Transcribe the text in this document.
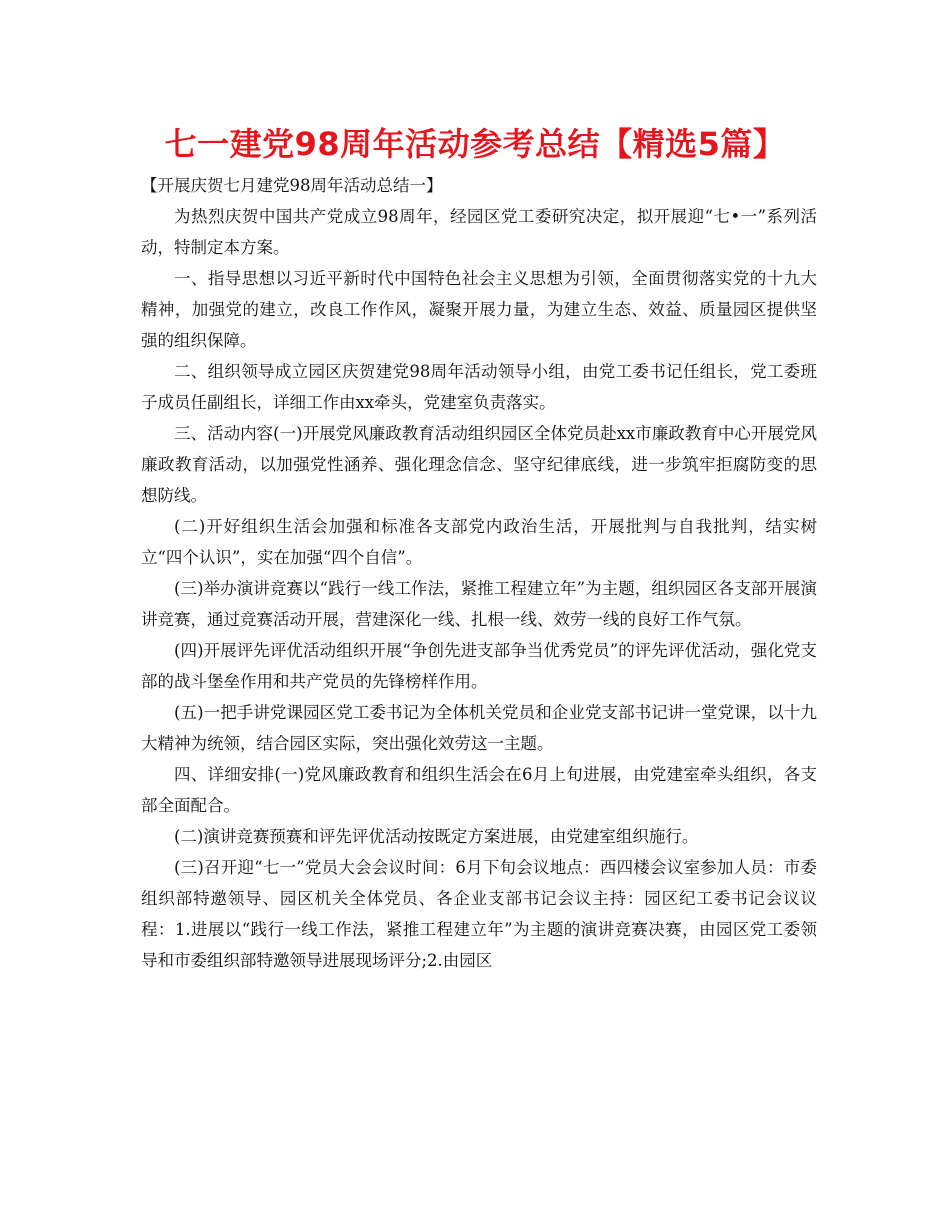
七一建党98周年活动参考总结【精选5篇】

【开展庆贺七月建党98周年活动总结一】

为热烈庆贺中国共产党成立98周年，经园区党工委研究决定，拟开展迎“七•一”系列活动，特制定本方案。

一、指导思想以习近平新时代中国特色社会主义思想为引领，全面贯彻落实党的十九大精神，加强党的建立，改良工作作风，凝聚开展力量，为建立生态、效益、质量园区提供坚强的组织保障。

二、组织领导成立园区庆贺建党98周年活动领导小组，由党工委书记任组长，党工委班子成员任副组长，详细工作由xx牵头，党建室负责落实。

三、活动内容(一)开展党风廉政教育活动组织园区全体党员赴xx市廉政教育中心开展党风廉政教育活动，以加强党性涵养、强化理念信念、坚守纪律底线，进一步筑牢拒腐防变的思想防线。

(二)开好组织生活会加强和标准各支部党内政治生活，开展批判与自我批判，结实树立“四个认识”，实在加强“四个自信”。

(三)举办演讲竞赛以“践行一线工作法，紧推工程建立年”为主题，组织园区各支部开展演讲竞赛，通过竞赛活动开展，营建深化一线、扎根一线、效劳一线的良好工作气氛。

(四)开展评先评优活动组织开展“争创先进支部争当优秀党员”的评先评优活动，强化党支部的战斗堡垒作用和共产党员的先锋榜样作用。

(五)一把手讲党课园区党工委书记为全体机关党员和企业党支部书记讲一堂党课，以十九大精神为统领，结合园区实际，突出强化效劳这一主题。

四、详细安排(一)党风廉政教育和组织生活会在6月上旬进展，由党建室牵头组织，各支部全面配合。

(二)演讲竞赛预赛和评先评优活动按既定方案进展，由党建室组织施行。

(三)召开迎“七一”党员大会会议时间：6月下旬会议地点：西四楼会议室参加人员：市委组织部特邀领导、园区机关全体党员、各企业支部书记会议主持：园区纪工委书记会议议程：1.进展以“践行一线工作法，紧推工程建立年”为主题的演讲竞赛决赛，由园区党工委领导和市委组织部特邀领导进展现场评分;2.由园区
